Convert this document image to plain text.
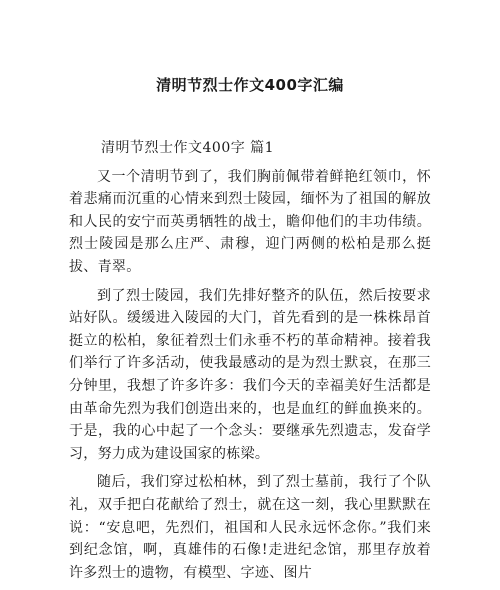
清明节烈士作文400字汇编

清明节烈士作文400字 篇1

又一个清明节到了，我们胸前佩带着鲜艳红领巾，怀着悲痛而沉重的心情来到烈士陵园，缅怀为了祖国的解放和人民的安宁而英勇牺牲的战士，瞻仰他们的丰功伟绩。烈士陵园是那么庄严、肃穆，迎门两侧的松柏是那么挺拔、青翠。

到了烈士陵园，我们先排好整齐的队伍，然后按要求站好队。缓缓进入陵园的大门，首先看到的是一株株昂首挺立的松柏，象征着烈士们永垂不朽的革命精神。接着我们举行了许多活动，使我最感动的是为烈士默哀，在那三分钟里，我想了许多许多：我们今天的幸福美好生活都是由革命先烈为我们创造出来的，也是血红的鲜血换来的。于是，我的心中起了一个念头：要继承先烈遗志，发奋学习，努力成为建设国家的栋梁。

随后，我们穿过松柏林，到了烈士墓前，我行了个队礼，双手把白花献给了烈士，就在这一刻，我心里默默在说：“安息吧，先烈们，祖国和人民永远怀念你。”我们来到纪念馆，啊，真雄伟的石像!走进纪念馆，那里存放着许多烈士的遗物，有模型、字迹、图片
